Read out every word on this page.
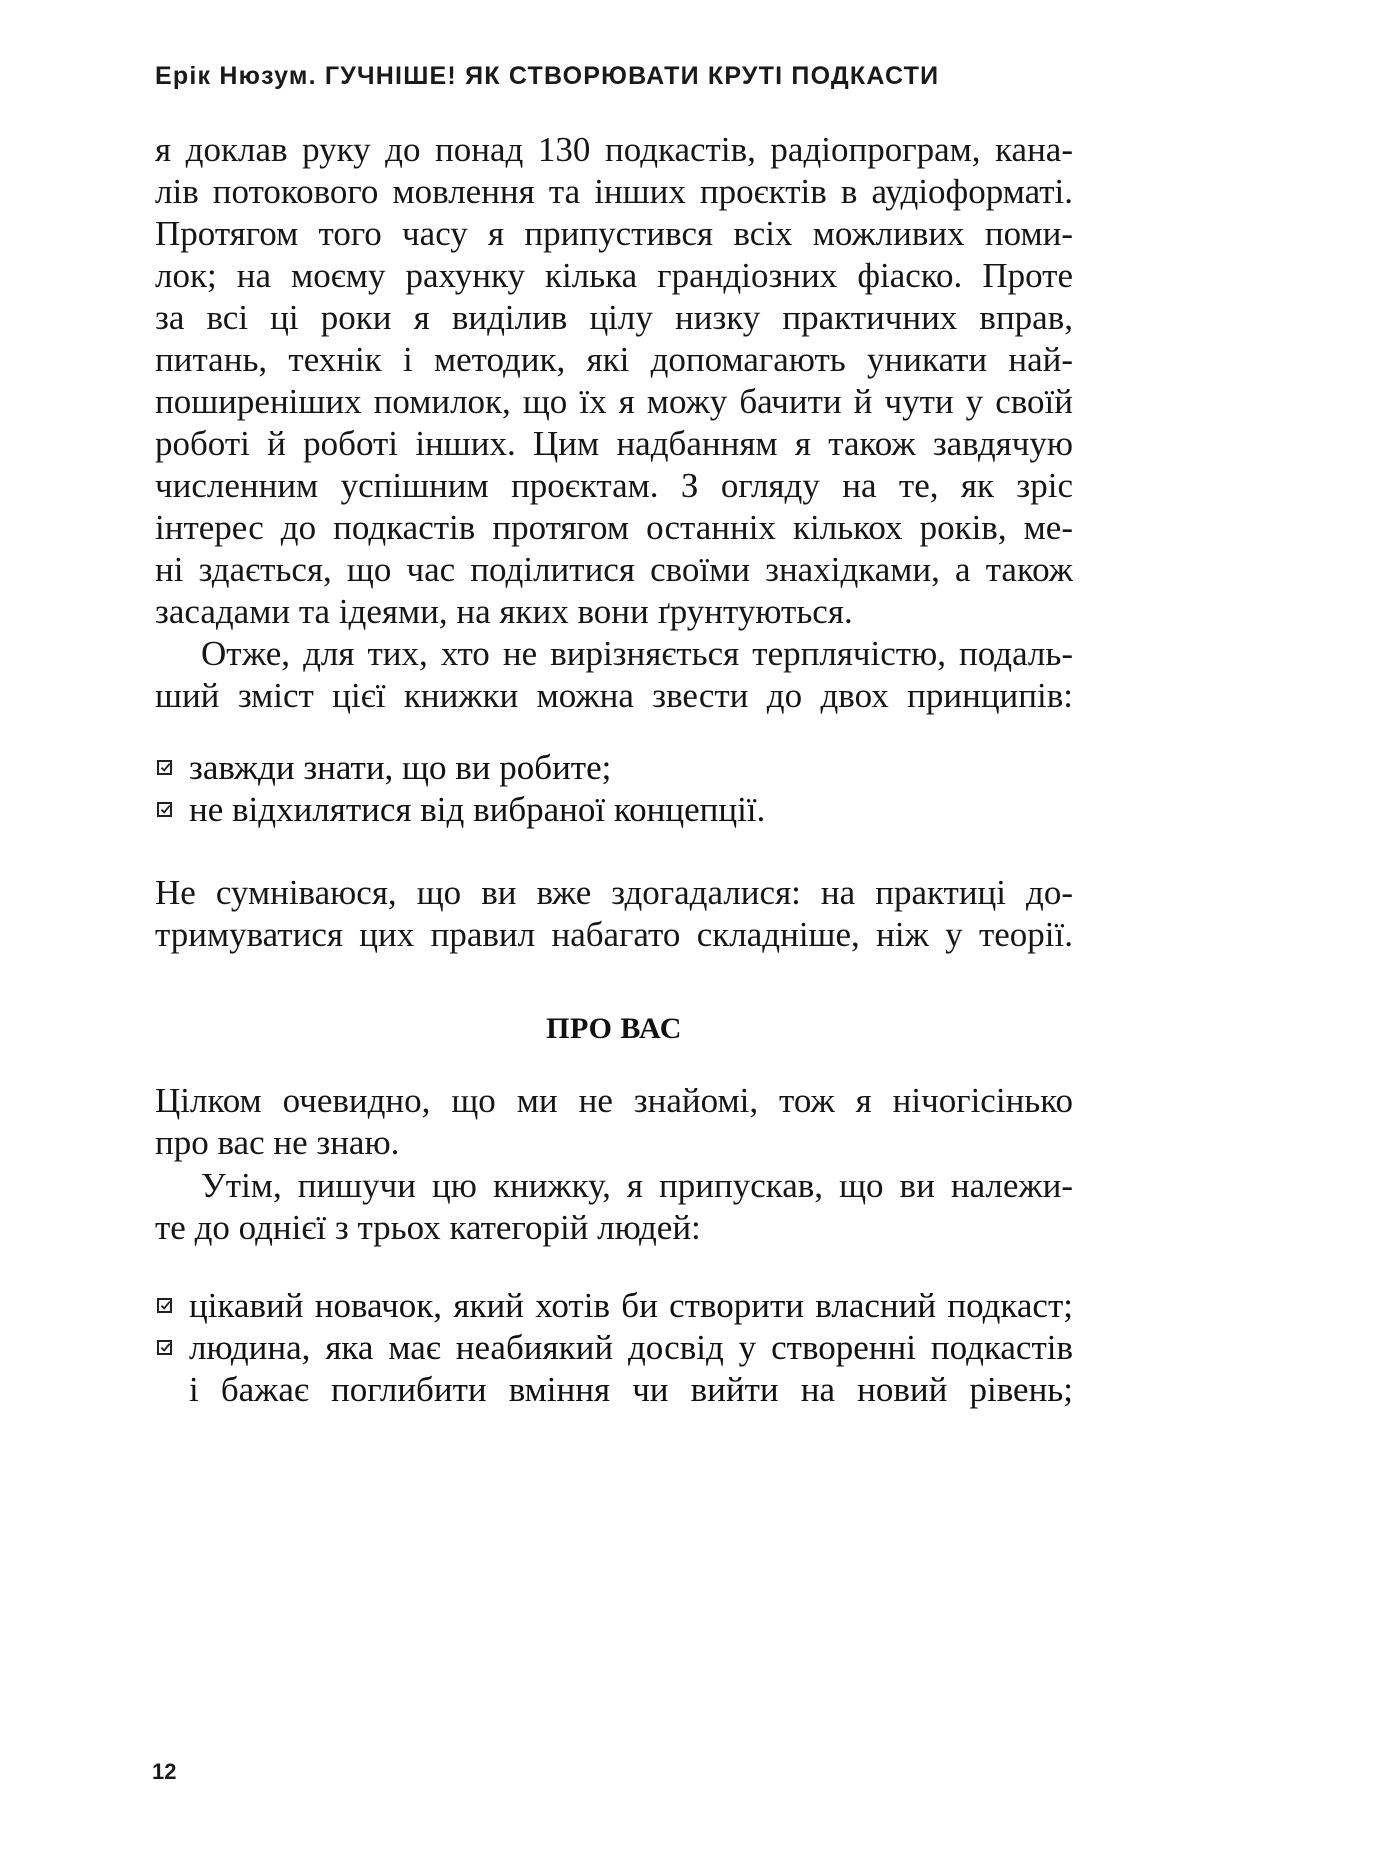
Ерік Нюзум. ГУЧНІШЕ! ЯК СТВОРЮВАТИ КРУТІ ПОДКАСТИ
я доклав руку до понад 130 подкастів, радіопрограм, кана-
лів потокового мовлення та інших проєктів в аудіоформаті.
Протягом того часу я припустився всіх можливих поми-
лок; на моєму рахунку кілька грандіозних фіаско. Проте
за всі ці роки я виділив цілу низку практичних вправ,
питань, технік і методик, які допомагають уникати най-
поширеніших помилок, що їх я можу бачити й чути у своїй
роботі й роботі інших. Цим надбанням я також завдячую
численним успішним проєктам. З огляду на те, як зріс
інтерес до подкастів протягом останніх кількох років, ме-
ні здається, що час поділитися своїми знахідками, а також
засадами та ідеями, на яких вони ґрунтуються.
Отже, для тих, хто не вирізняється терплячістю, подаль-
ший зміст цієї книжки можна звести до двох принципів:
завжди знати, що ви робите;
не відхилятися від вибраної концепції.
Не сумніваюся, що ви вже здогадалися: на практиці до-
тримуватися цих правил набагато складніше, ніж у теорії.
ПРО ВАС
Цілком очевидно, що ми не знайомі, тож я нічогісінько
про вас не знаю.
Утім, пишучи цю книжку, я припускав, що ви належи-
те до однієї з трьох категорій людей:
цікавий новачок, який хотів би створити власний подкаст;
людина, яка має неабиякий досвід у створенні подкастів
і бажає поглибити вміння чи вийти на новий рівень;
12
